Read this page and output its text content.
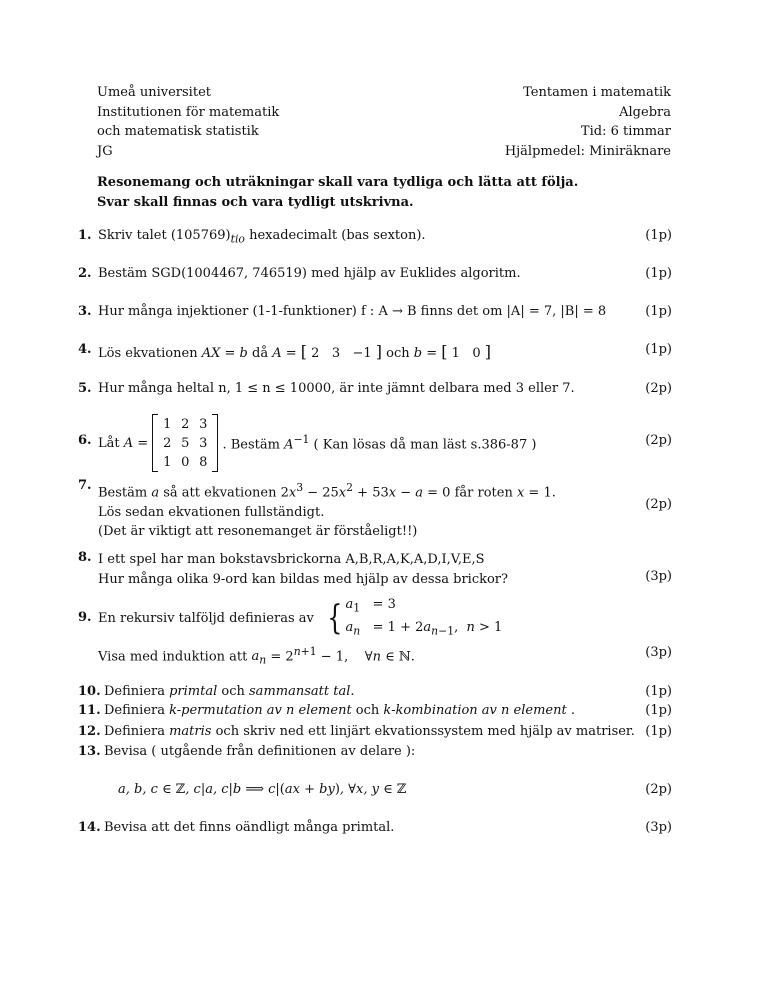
Umeå universitet
Institutionen för matematik
och matematisk statistik
JG
Tentamen i matematik
Algebra
Tid: 6 timmar
Hjälpmedel: Miniräknare
Resonemang och uträkningar skall vara tydliga och lätta att följa.
Svar skall finnas och vara tydligt utskrivna.
1. Skriv talet $(105769)_{tio}$ hexadecimalt (bas sexton).	(1p)
2. Bestäm SGD(1004467, 746519) med hjälp av Euklides algoritm.	(1p)
3. Hur många injektioner (1-1-funktioner) f : A → B finns det om |A| = 7, |B| = 8	(1p)
4. Lös ekvationen AX = b då A = [ 2   3   −1 ] och b = [ 1   0 ]	(1p)
5. Hur många heltal n, 1 ≤ n ≤ 10000, är inte jämnt delbara med 3 eller 7.	(2p)
6. Låt A =
1 2 3
2 5 3
1 0 8
. Bestäm $A^{-1}$ ( Kan lösas då man läst s.386-87 )	(2p)
7. Bestäm a så att ekvationen $2x^3 - 25x^2 + 53x - a = 0$ får roten x = 1.
Lös sedan ekvationen fullständigt.
(Det är viktigt att resonemanget är förståeligt!!)
(2p)
8. I ett spel har man bokstavsbrickorna A,B,R,A,K,A,D,I,V,E,S
Hur många olika 9-ord kan bildas med hjälp av dessa brickor?	(3p)
9. En rekursiv talföljd definieras av { $a_1 = 3$
$a_n = 1 + 2a_{n-1}$,  n > 1
Visa med induktion att $a_n = 2^{n+1} - 1$,    ∀n ∈ ℕ.	(3p)
10. Definiera primtal och sammansatt tal.	(1p)
11. Definiera k-permutation av n element och k-kombination av n element .	(1p)
12. Definiera matris och skriv ned ett linjärt ekvationssystem med hjälp av matriser. (1p)
13. Bevisa ( utgående från definitionen av delare ):
a, b, c ∈ ℤ, c|a, c|b ⟹ c|(ax + by), ∀x, y ∈ ℤ	(2p)
14. Bevisa att det finns oändligt många primtal.	(3p)
